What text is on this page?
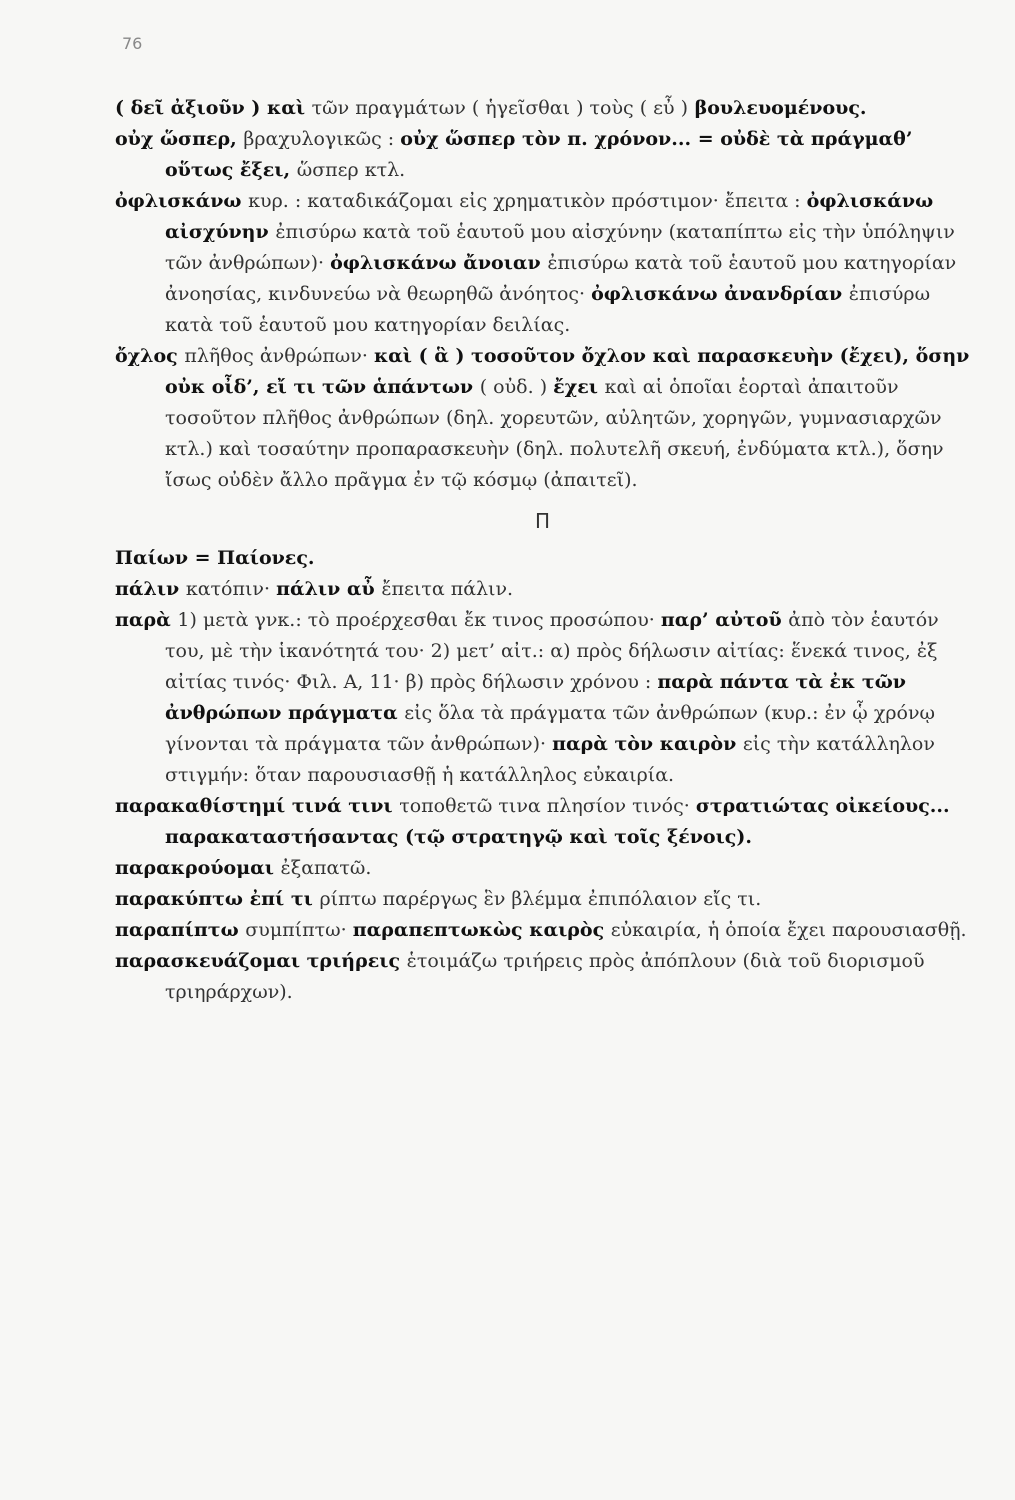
76

( δεῖ ἀξιοῦν ) καὶ τῶν πραγμάτων ( ἡγεῖσθαι ) τοὺς ( εὖ ) βουλευομένους.

οὐχ ὥσπερ, βραχυλογικῶς : οὐχ ὥσπερ τὸν π. χρόνον... = οὐδὲ τὰ πράγμαθ’ οὕτως ἔξει, ὥσπερ κτλ.

ὀφλισκάνω κυρ. : καταδικάζομαι εἰς χρηματικὸν πρόστιμον· ἔπειτα : ὀφλισκάνω αἰσχύνην ἐπισύρω κατὰ τοῦ ἑαυτοῦ μου αἰσχύνην (καταπίπτω εἰς τὴν ὑπόληψιν τῶν ἀνθρώπων)· ὀφλισκάνω ἄνοιαν ἐπισύρω κατὰ τοῦ ἑαυτοῦ μου κατηγορίαν ἀνοησίας, κινδυνεύω νὰ θεωρηθῶ ἀνόητος· ὀφλισκάνω ἀνανδρίαν ἐπισύρω κατὰ τοῦ ἑαυτοῦ μου κατηγορίαν δειλίας.

ὄχλος πλῆθος ἀνθρώπων· καὶ ( ἃ ) τοσοῦτον ὄχλον καὶ παρασκευὴν (ἔχει), ὅσην οὐκ οἶδ’, εἴ τι τῶν ἁπάντων ( οὐδ. ) ἔχει καὶ αἱ ὁποῖαι ἑορταὶ ἀπαιτοῦν τοσοῦτον πλῆθος ἀνθρώπων (δηλ. χορευτῶν, αὐλητῶν, χορηγῶν, γυμνασιαρχῶν κτλ.) καὶ τοσαύτην προπαρασκευὴν (δηλ. πολυτελῆ σκευή, ἐνδύματα κτλ.), ὅσην ἴσως οὐδὲν ἄλλο πρᾶγμα ἐν τῷ κόσμῳ (ἀπαιτεῖ).

Π

Παίων = Παίονες.

πάλιν κατόπιν· πάλιν αὖ ἔπειτα πάλιν.

παρὰ 1) μετὰ γνκ.: τὸ προέρχεσθαι ἔκ τινος προσώπου· παρ’ αὐτοῦ ἀπὸ τὸν ἑαυτόν του, μὲ τὴν ἱκανότητά του· 2) μετ’ αἰτ.: α) πρὸς δήλωσιν αἰτίας: ἕνεκά τινος, ἐξ αἰτίας τινός· Φιλ. Α, 11· β) πρὸς δήλωσιν χρόνου : παρὰ πάντα τὰ ἐκ τῶν ἀνθρώπων πράγματα εἰς ὅλα τὰ πράγματα τῶν ἀνθρώπων (κυρ.: ἐν ᾧ χρόνῳ γίνονται τὰ πράγματα τῶν ἀνθρώπων)· παρὰ τὸν καιρὸν εἰς τὴν κατάλληλον στιγμήν: ὅταν παρουσιασθῇ ἡ κατάλληλος εὐκαιρία.

παρακαθίστημί τινά τινι τοποθετῶ τινα πλησίον τινός· στρατιώτας οἰκείους... παρακαταστήσαντας (τῷ στρατηγῷ καὶ τοῖς ξένοις).

παρακρούομαι ἐξαπατῶ.

παρακύπτω ἐπί τι ρίπτω παρέργως ἓν βλέμμα ἐπιπόλαιον εἴς τι.

παραπίπτω συμπίπτω· παραπεπτωκὼς καιρὸς εὐκαιρία, ἡ ὁποία ἔχει παρουσιασθῇ.

παρασκευάζομαι τριήρεις ἑτοιμάζω τριήρεις πρὸς ἀπόπλουν (διὰ τοῦ διορισμοῦ τριηράρχων).
